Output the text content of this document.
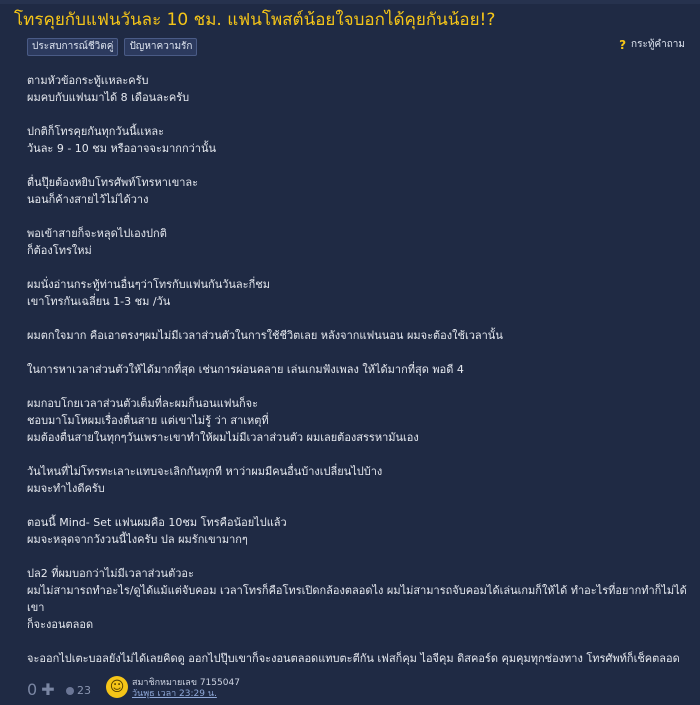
โทรคุยกับแฟนวันละ 10 ชม. แฟนโพสต์น้อยใจบอกได้คุยกันน้อย!?
ประสบการณ์ชีวิตคู่	ปัญหาความรัก	? กระทู้คำถาม
ตามหัวข้อกระทู้เเหละครับ
ผมคบกับแฟนมาได้ 8 เดือนละครับ
ปกติก็โทรคุยกันทุกวันนี้เเหละ
วันละ 9 - 10 ชม หรืออาจจะมากกว่านั้น
ตื่นปุ๊ยต้องหยิบโทรศัพท์โทรหาเขาละ
นอนก็ค้างสายไว้ไม่ได้วาง
พอเข้าสายก็จะหลุดไปเองปกติ
ก็ต้องโทรใหม่
ผมนั่งอ่านกระทู้ท่านอื่นๆว่าโทรกับแฟนกันวันละกี่ชม
เขาโทรกันเฉลี่ยน 1-3 ชม /วัน
ผมตกใจมาก คือเอาตรงๆผมไม่มีเวลาส่วนตัวในการใช้ชีวิตเลย หลังจากแฟนนอน ผมจะต้องใช้เวลานั้น
ในการหาเวลาส่วนตัวให้ได้มากที่สุด เช่นการผ่อนคลาย เล่นเกมฟังเพลง ให้ได้มากที่สุด พอดี 4
ผมกอบโกยเวลาส่วนตัวเต็มที่ละผมก็นอนแฟนก็จะ
ชอบมาโมโหผมเรื่องตื่นสาย แต่เขาไม่รู้ ว่า สาเหตุที่
ผมต้องตื่นสายในทุกๆวันเพราะเขาทำให้ผมไม่มีเวลาส่วนตัว ผมเลยต้องสรรหามันเอง
วันไหนที่ไม่โทรทะเลาะแทบจะเลิกกันทุกที หาว่าผมมีคนอื่นบ้างเปลี่ยนไปบ้าง
ผมจะทำไงดีครับ
ตอนนี้ Mind- Set แฟนผมคือ 10ชม โทรคือน้อยไปแล้ว
ผมจะหลุดจากวังวนนี้ไงครับ ปล ผมรักเขามากๆ
ปล2 ที่ผมบอกว่าไม่มีเวลาส่วนตัวอะ
ผมไม่สามารถทำอะไร/ดูได้แม้แต่จับคอม เวลาโทรก็คือโทรเปิดกล้องตลอดไง ผมไม่สามารถจับคอมได้เล่นเกมก็ให้ได้ ทำอะไรที่อยากทำก็ไม่ได้เขา
ก็จะงอนตลอด
จะออกไปเตะบอลยังไม่ได้เลยคิดดู ออกไปปุ๊บเขาก็จะงอนตลอดแทบตะตีกัน เฟสก็คุม ไอจีคุม ดิสคอร์ด คุมคุมทุกช่องทาง โทรศัพท์ก็เช็คตลอด
0 ✚ 23 ☺ สมาชิกหมายเลข 7155047
วันพุธ เวลา 23:29 น.
